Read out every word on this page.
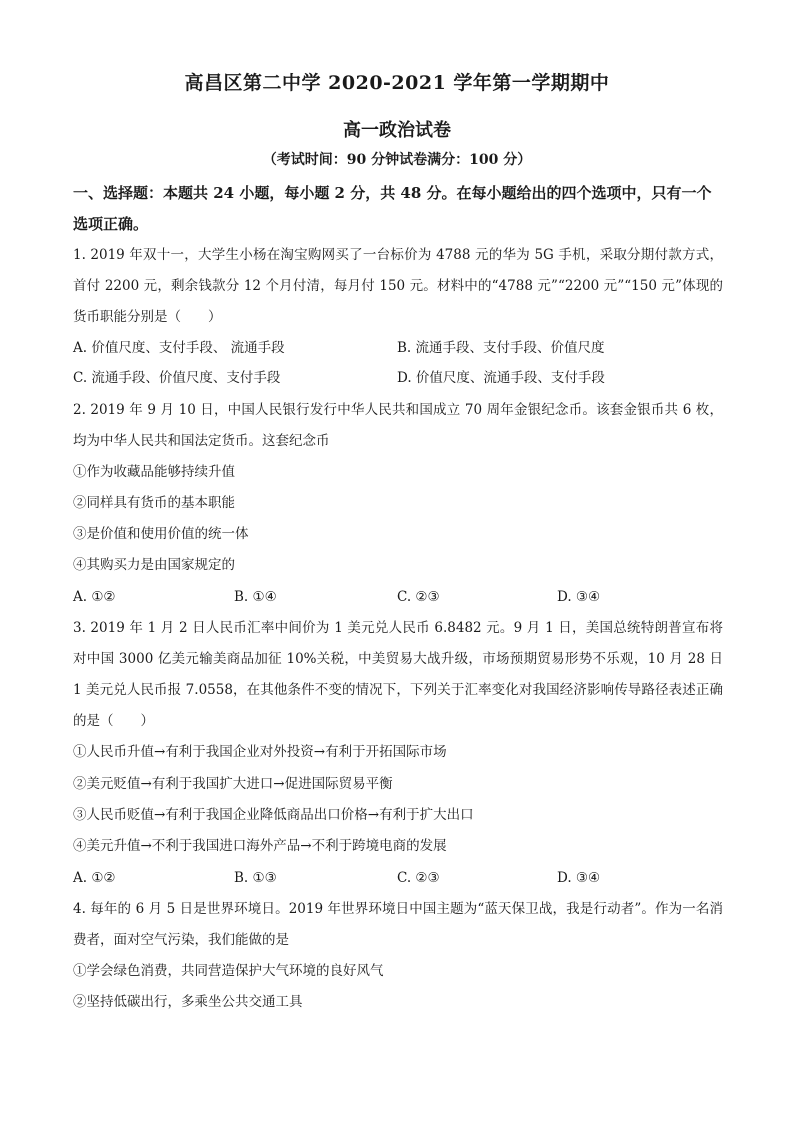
高昌区第二中学 2020-2021 学年第一学期期中
高一政治试卷
（考试时间：90 分钟试卷满分：100 分）
一、选择题：本题共 24 小题，每小题 2 分，共 48 分。在每小题给出的四个选项中，只有一个选项正确。
1. 2019 年双十一，大学生小杨在淘宝购网买了一台标价为 4788 元的华为 5G 手机，采取分期付款方式，首付 2200 元，剩余钱款分 12 个月付清，每月付 150 元。材料中的“4788 元”“2200 元”“150 元”体现的货币职能分别是（　　）
A. 价值尺度、支付手段、 流通手段	B. 流通手段、支付手段、价值尺度
C. 流通手段、价值尺度、支付手段	D. 价值尺度、流通手段、支付手段
2. 2019 年 9 月 10 日，中国人民银行发行中华人民共和国成立 70 周年金银纪念币。该套金银币共 6 枚，均为中华人民共和国法定货币。这套纪念币
①作为收藏品能够持续升值
②同样具有货币的基本职能
③是价值和使用价值的统一体
④其购买力是由国家规定的
A. ①②	B. ①④	C. ②③	D. ③④
3. 2019 年 1 月 2 日人民币汇率中间价为 1 美元兑人民币 6.8482 元。9 月 1 日，美国总统特朗普宣布将对中国 3000 亿美元输美商品加征 10%关税，中美贸易大战升级，市场预期贸易形势不乐观，10 月 28 日 1 美元兑人民币报 7.0558，在其他条件不变的情况下，下列关于汇率变化对我国经济影响传导路径表述正确的是（　　）
①人民币升值→有利于我国企业对外投资→有利于开拓国际市场
②美元贬值→有利于我国扩大进口→促进国际贸易平衡
③人民币贬值→有利于我国企业降低商品出口价格→有利于扩大出口
④美元升值→不利于我国进口海外产品→不利于跨境电商的发展
A. ①②	B. ①③	C. ②③	D. ③④
4. 每年的 6 月 5 日是世界环境日。2019 年世界环境日中国主题为“蓝天保卫战，我是行动者”。作为一名消费者，面对空气污染，我们能做的是
①学会绿色消费，共同营造保护大气环境的良好风气
②坚持低碳出行，多乘坐公共交通工具
